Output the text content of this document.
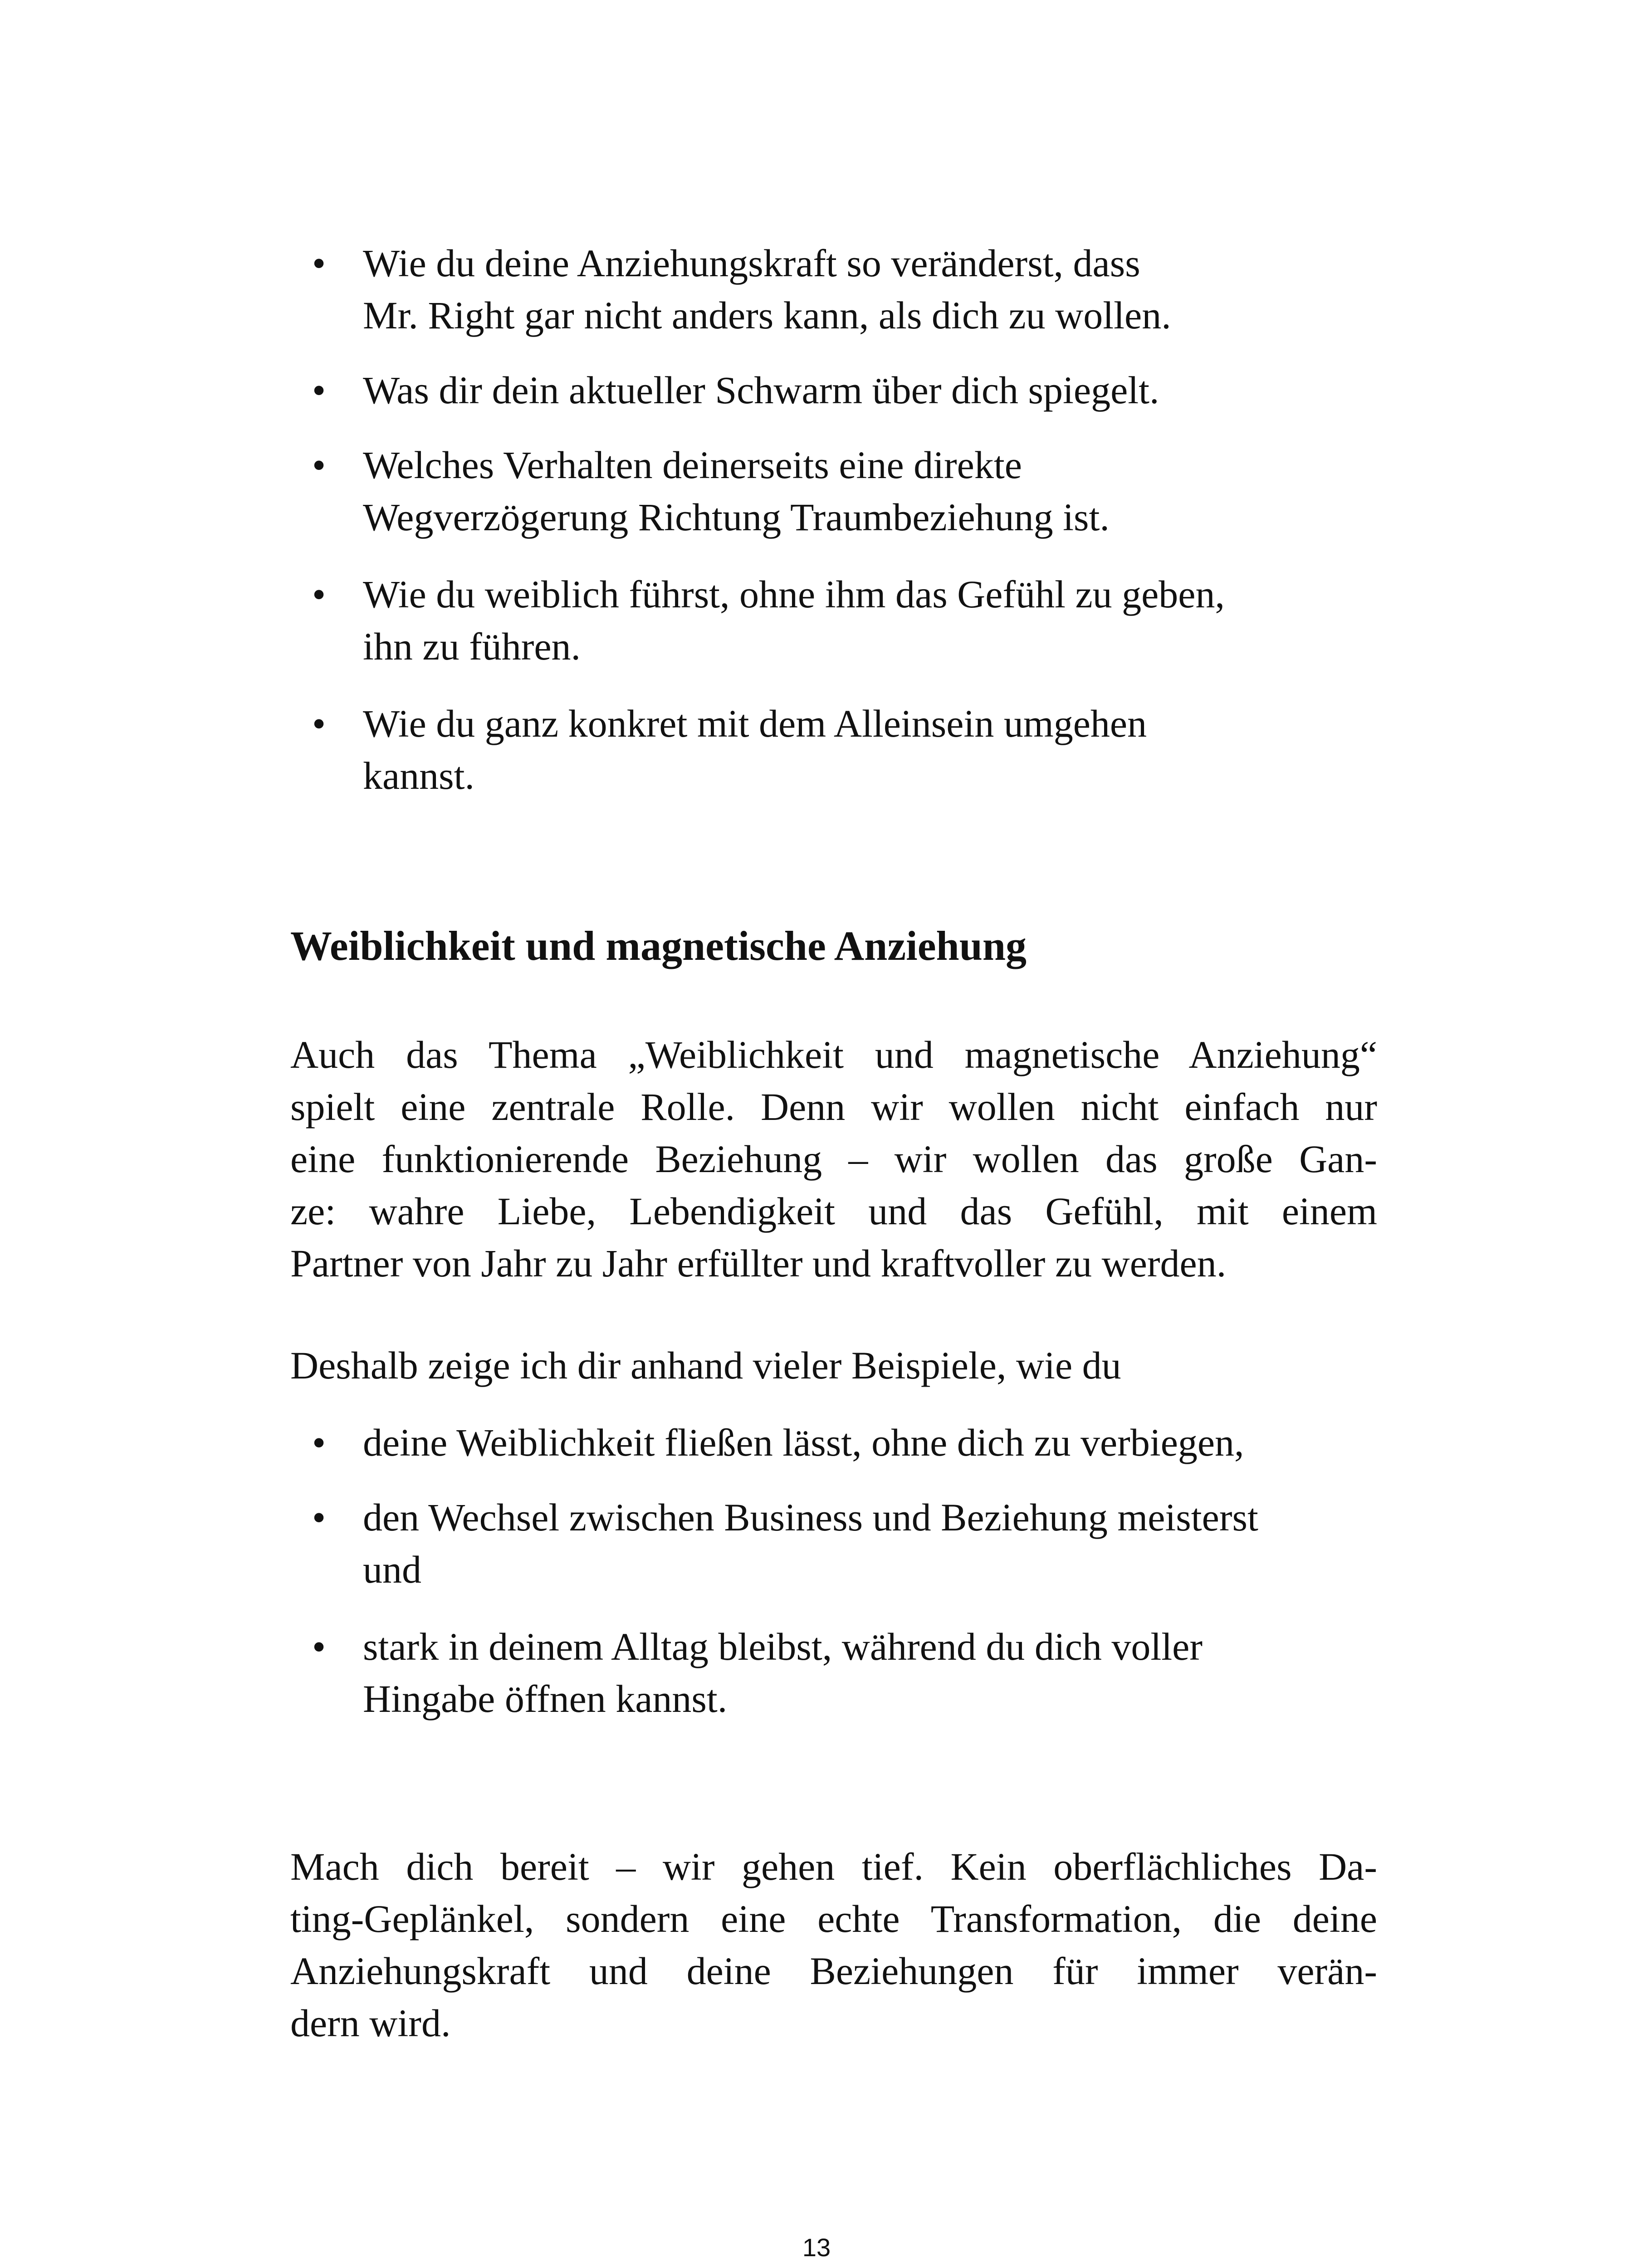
• Wie du deine Anziehungskraft so veränderst, dass
Mr. Right gar nicht anders kann, als dich zu wollen.
• Was dir dein aktueller Schwarm über dich spiegelt.
• Welches Verhalten deinerseits eine direkte
Wegverzögerung Richtung Traumbeziehung ist.
• Wie du weiblich führst, ohne ihm das Gefühl zu geben,
ihn zu führen.
• Wie du ganz konkret mit dem Alleinsein umgehen
kannst.
Weiblichkeit und magnetische Anziehung
Auch das Thema „Weiblichkeit und magnetische Anziehung“
spielt eine zentrale Rolle. Denn wir wollen nicht einfach nur
eine funktionierende Beziehung – wir wollen das große Gan-
ze: wahre Liebe, Lebendigkeit und das Gefühl, mit einem
Partner von Jahr zu Jahr erfüllter und kraftvoller zu werden.
Deshalb zeige ich dir anhand vieler Beispiele, wie du
• deine Weiblichkeit fließen lässt, ohne dich zu verbiegen,
• den Wechsel zwischen Business und Beziehung meisterst
und
• stark in deinem Alltag bleibst, während du dich voller
Hingabe öffnen kannst.
Mach dich bereit – wir gehen tief. Kein oberflächliches Da-
ting-Geplänkel, sondern eine echte Transformation, die deine
Anziehungskraft und deine Beziehungen für immer verän-
dern wird.
13
